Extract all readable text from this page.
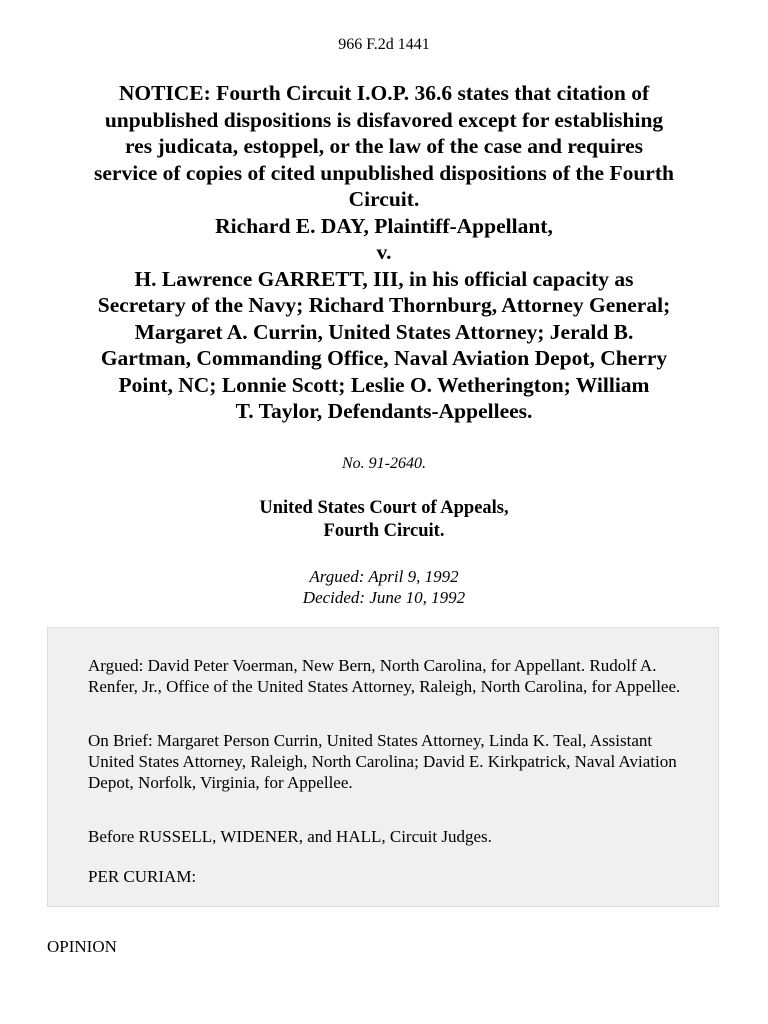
966 F.2d 1441
NOTICE: Fourth Circuit I.O.P. 36.6 states that citation of
unpublished dispositions is disfavored except for establishing
res judicata, estoppel, or the law of the case and requires
service of copies of cited unpublished dispositions of the Fourth
Circuit.
Richard E. DAY, Plaintiff-Appellant,
v.
H. Lawrence GARRETT, III, in his official capacity as
Secretary of the Navy; Richard Thornburg, Attorney General;
Margaret A. Currin, United States Attorney; Jerald B.
Gartman, Commanding Office, Naval Aviation Depot, Cherry
Point, NC; Lonnie Scott; Leslie O. Wetherington; William
T. Taylor, Defendants-Appellees.
No. 91-2640.
United States Court of Appeals,
Fourth Circuit.
Argued: April 9, 1992
Decided: June 10, 1992

Argued: David Peter Voerman, New Bern, North Carolina, for Appellant. Rudolf A. Renfer, Jr., Office of the United States Attorney, Raleigh, North Carolina, for Appellee.

On Brief: Margaret Person Currin, United States Attorney, Linda K. Teal, Assistant United States Attorney, Raleigh, North Carolina; David E. Kirkpatrick, Naval Aviation Depot, Norfolk, Virginia, for Appellee.

Before RUSSELL, WIDENER, and HALL, Circuit Judges.

PER CURIAM:

OPINION
